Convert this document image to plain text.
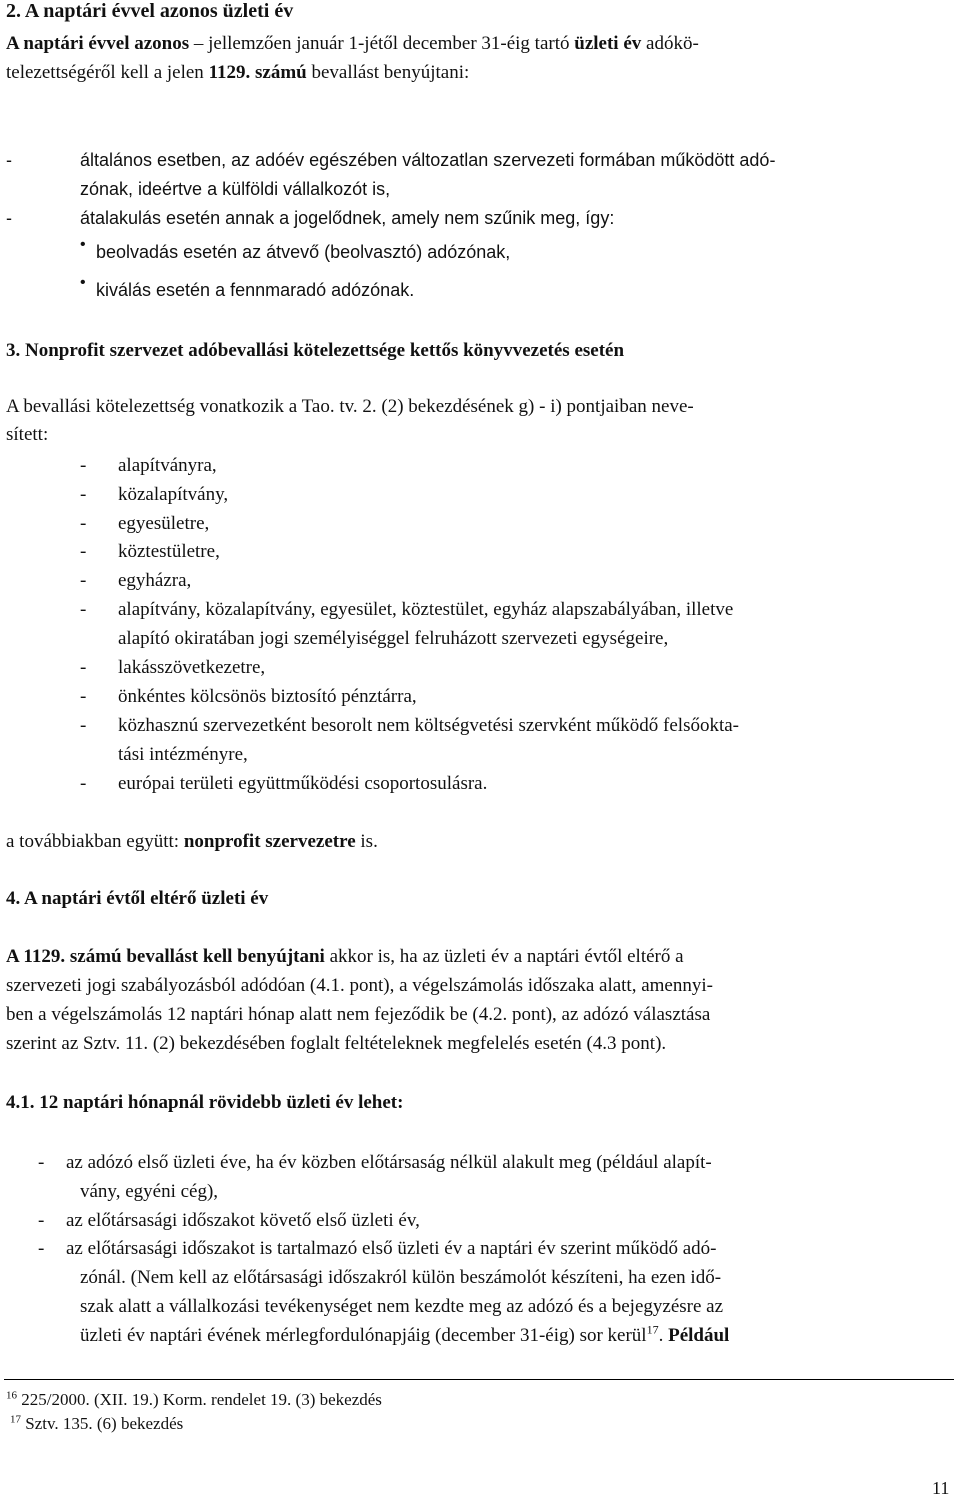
2. A naptári évvel azonos üzleti év
A naptári évvel azonos – jellemzően január 1-jétől december 31-éig tartó üzleti év adókö-
telezettségéről kell a jelen 1129. számú bevallást benyújtani:
-	általános esetben, az adóév egészében változatlan szervezeti formában működött adó-
zónak, ideértve a külföldi vállalkozót is,
-	átalakulás esetén annak a jogelődnek, amely nem szűnik meg, így:
• beolvadás esetén az átvevő (beolvasztó) adózónak,
• kiválás esetén a fennmaradó adózónak.
3. Nonprofit szervezet adóbevallási kötelezettsége kettős könyvvezetés esetén
A bevallási kötelezettség vonatkozik a Tao. tv. 2. (2) bekezdésének g) - i) pontjaiban neve-
sített:
- alapítványra,
- közalapítvány,
- egyesületre,
- köztestületre,
- egyházra,
- alapítvány, közalapítvány, egyesület, köztestület, egyház alapszabályában, illetve
alapító okiratában jogi személyiséggel felruházott szervezeti egységeire,
- lakásszövetkezetre,
- önkéntes kölcsönös biztosító pénztárra,
- közhasznú szervezetként besorolt nem költségvetési szervként működő felsőokta-
tási intézményre,
- európai területi együttműködési csoportosulásra.
a továbbiakban együtt: nonprofit szervezetre is.
4. A naptári évtől eltérő üzleti év
A 1129. számú bevallást kell benyújtani akkor is, ha az üzleti év a naptári évtől eltérő a
szervezeti jogi szabályozásból adódóan (4.1. pont), a végelszámolás időszaka alatt, amennyi-
ben a végelszámolás 12 naptári hónap alatt nem fejeződik be (4.2. pont), az adózó választása
szerint az Sztv. 11. (2) bekezdésében foglalt feltételeknek megfelelés esetén (4.3 pont).
4.1. 12 naptári hónapnál rövidebb üzleti év lehet:
- az adózó első üzleti éve, ha év közben előtársaság nélkül alakult meg (például alapít-
vány, egyéni cég),
- az előtársasági időszakot követő első üzleti év,
- az előtársasági időszakot is tartalmazó első üzleti év a naptári év szerint működő adó-
zónál. (Nem kell az előtársasági időszakról külön beszámolót készíteni, ha ezen idő-
szak alatt a vállalkozási tevékenységet nem kezdte meg az adózó és a bejegyzésre az
üzleti év naptári évének mérlegfordulónapjáig (december 31-éig) sor kerül$^{17}$. Például
$^{16}$ 225/2000. (XII. 19.) Korm. rendelet 19. (3) bekezdés
$^{17}$ Sztv. 135. (6) bekezdés
11
